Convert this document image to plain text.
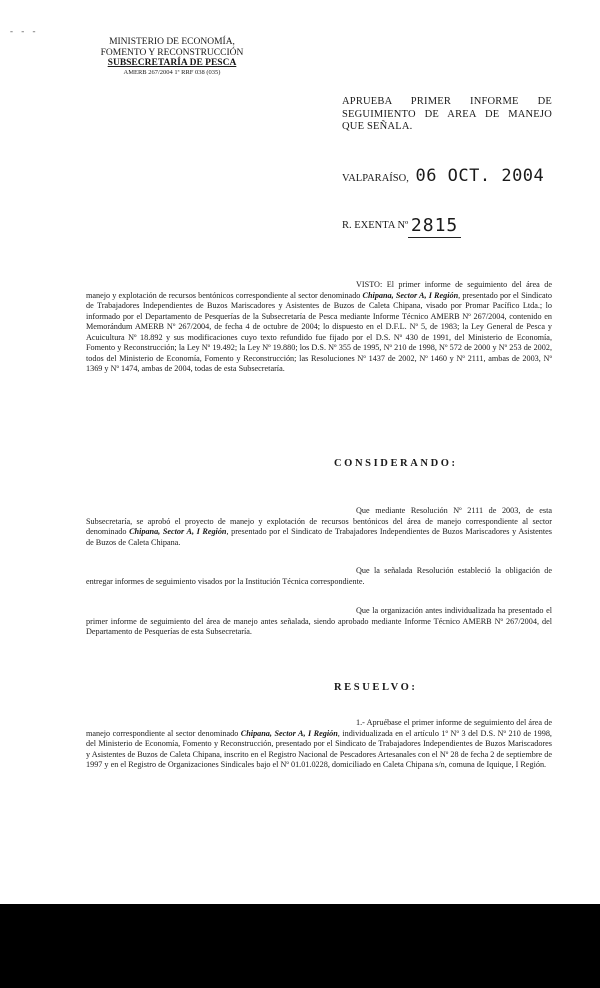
- - -
MINISTERIO DE ECONOMÍA,
FOMENTO Y RECONSTRUCCIÓN
SUBSECRETARÍA DE PESCA
AMERB 267/2004 1ª RRF 038 (035)
APRUEBA PRIMER INFORME DE SEGUIMIENTO DE AREA DE MANEJO QUE SEÑALA.
VALPARAÍSO, 06 OCT. 2004
R. EXENTA Nº 2815
VISTO: El primer informe de seguimiento del área de manejo y explotación de recursos bentónicos correspondiente al sector denominado Chipana, Sector A, I Región, presentado por el Sindicato de Trabajadores Independientes de Buzos Mariscadores y Asistentes de Buzos de Caleta Chipana, visado por Promar Pacífico Ltda.; lo informado por el Departamento de Pesquerías de la Subsecretaría de Pesca mediante Informe Técnico AMERB Nº 267/2004, contenido en Memorándum AMERB Nº 267/2004, de fecha 4 de octubre de 2004; lo dispuesto en el D.F.L. Nº 5, de 1983; la Ley General de Pesca y Acuicultura Nº 18.892 y sus modificaciones cuyo texto refundido fue fijado por el D.S. Nº 430 de 1991, del Ministerio de Economía, Fomento y Reconstrucción; la Ley Nº 19.492; la Ley Nº 19.880; los D.S. Nº 355 de 1995, Nº 210 de 1998, Nº 572 de 2000 y Nº 253 de 2002, todos del Ministerio de Economía, Fomento y Reconstrucción; las Resoluciones Nº 1437 de 2002, Nº 1460 y Nº 2111, ambas de 2003, Nº 1369 y Nº 1474, ambas de 2004, todas de esta Subsecretaría.
CONSIDERANDO:
Que mediante Resolución Nº 2111 de 2003, de esta Subsecretaría, se aprobó el proyecto de manejo y explotación de recursos bentónicos del área de manejo correspondiente al sector denominado Chipana, Sector A, I Región, presentado por el Sindicato de Trabajadores Independientes de Buzos Mariscadores y Asistentes de Buzos de Caleta Chipana.
Que la señalada Resolución estableció la obligación de entregar informes de seguimiento visados por la Institución Técnica correspondiente.
Que la organización antes individualizada ha presentado el primer informe de seguimiento del área de manejo antes señalada, siendo aprobado mediante Informe Técnico AMERB Nº 267/2004, del Departamento de Pesquerías de esta Subsecretaría.
RESUELVO:
1.- Apruébase el primer informe de seguimiento del área de manejo correspondiente al sector denominado Chipana, Sector A, I Región, individualizada en el artículo 1º Nº 3 del D.S. Nº 210 de 1998, del Ministerio de Economía, Fomento y Reconstrucción, presentado por el Sindicato de Trabajadores Independientes de Buzos Mariscadores y Asistentes de Buzos de Caleta Chipana, inscrito en el Registro Nacional de Pescadores Artesanales con el Nº 28 de fecha 2 de septiembre de 1997 y en el Registro de Organizaciones Sindicales bajo el Nº 01.01.0228, domiciliado en Caleta Chipana s/n, comuna de Iquique, I Región.
